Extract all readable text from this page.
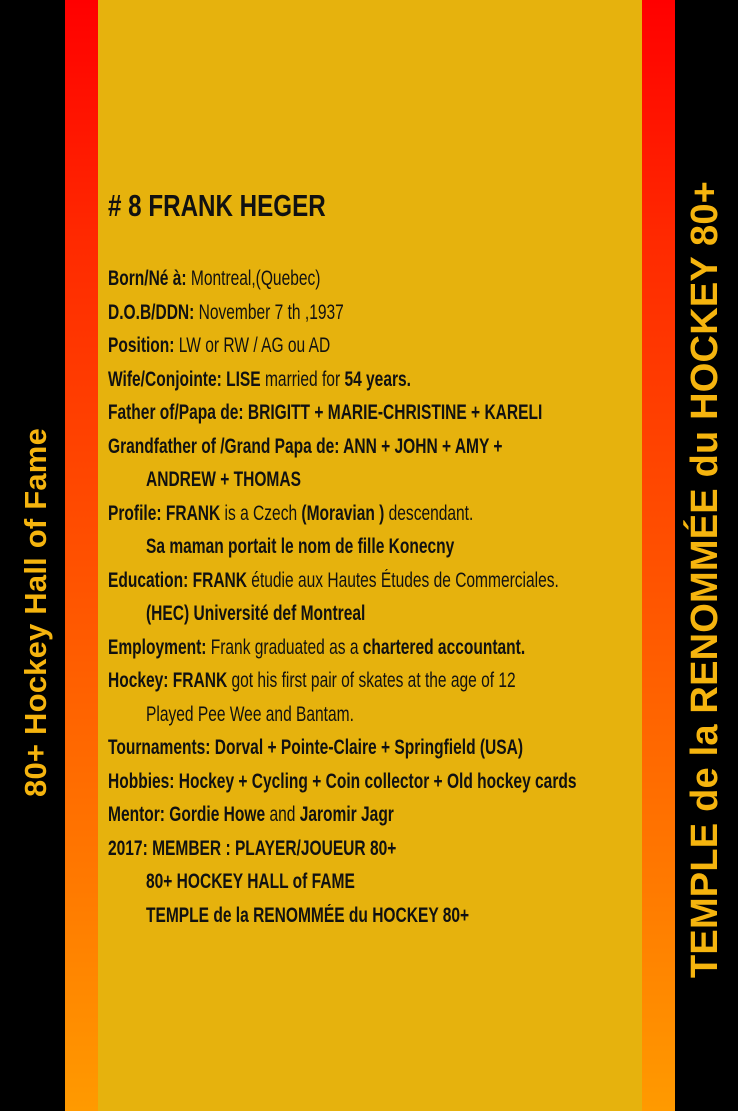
80+ Hockey Hall of Fame	TEMPLE de la RENOMMÉE du HOCKEY 80+
# 8 FRANK HEGER
Born/Né à: Montreal,(Quebec)
D.O.B/DDN: November 7 th ,1937
Position: LW or RW / AG ou AD
Wife/Conjointe: LISE married for 54 years.
Father of/Papa de: BRIGITT + MARIE-CHRISTINE + KARELI
Grandfather of /Grand Papa de: ANN + JOHN + AMY +
ANDREW + THOMAS
Profile: FRANK is a Czech (Moravian ) descendant.
Sa maman portait le nom de fille Konecny
Education: FRANK étudie aux Hautes Études de Commerciales.
(HEC) Université def Montreal
Employment: Frank graduated as a chartered accountant.
Hockey: FRANK got his first pair of skates at the age of 12
Played Pee Wee and Bantam.
Tournaments: Dorval + Pointe-Claire + Springfield (USA)
Hobbies: Hockey + Cycling + Coin collector + Old hockey cards
Mentor: Gordie Howe and Jaromir Jagr
2017: MEMBER : PLAYER/JOUEUR 80+
80+ HOCKEY HALL of FAME
TEMPLE de la RENOMMÉE du HOCKEY 80+
